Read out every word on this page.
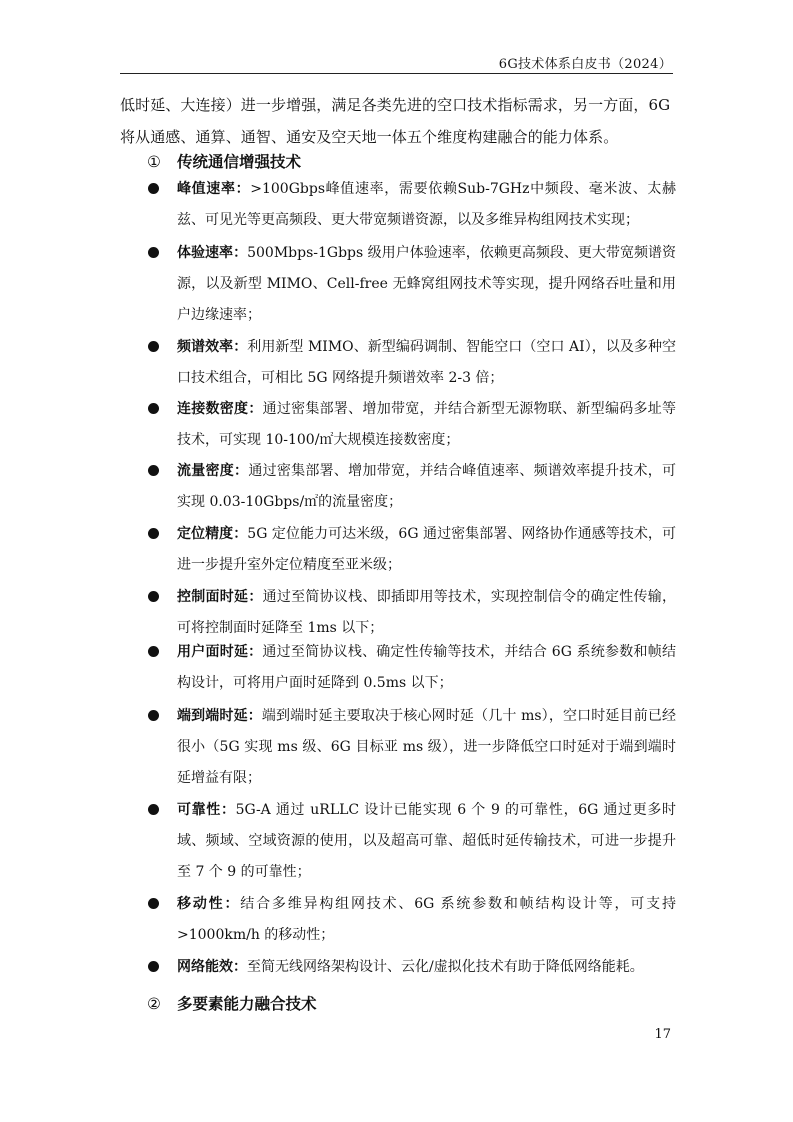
6G技术体系白皮书（2024）
低时延、大连接）进一步增强，满足各类先进的空口技术指标需求，另一方面，6G将从通感、通算、通智、通安及空天地一体五个维度构建融合的能力体系。
① 传统通信增强技术
峰值速率：>100Gbps峰值速率，需要依赖Sub-7GHz中频段、毫米波、太赫兹、可见光等更高频段、更大带宽频谱资源，以及多维异构组网技术实现；
体验速率：500Mbps-1Gbps 级用户体验速率，依赖更高频段、更大带宽频谱资源，以及新型 MIMO、Cell-free 无蜂窝组网技术等实现，提升网络吞吐量和用户边缘速率；
频谱效率：利用新型 MIMO、新型编码调制、智能空口（空口 AI），以及多种空口技术组合，可相比 5G 网络提升频谱效率 2-3 倍；
连接数密度：通过密集部署、增加带宽，并结合新型无源物联、新型编码多址等技术，可实现 10-100/㎡大规模连接数密度；
流量密度：通过密集部署、增加带宽，并结合峰值速率、频谱效率提升技术，可实现 0.03-10Gbps/㎡的流量密度；
定位精度：5G 定位能力可达米级，6G 通过密集部署、网络协作通感等技术，可进一步提升室外定位精度至亚米级；
控制面时延：通过至简协议栈、即插即用等技术，实现控制信令的确定性传输，可将控制面时延降至 1ms 以下；
用户面时延：通过至简协议栈、确定性传输等技术，并结合 6G 系统参数和帧结构设计，可将用户面时延降到 0.5ms 以下；
端到端时延：端到端时延主要取决于核心网时延（几十 ms），空口时延目前已经很小（5G 实现 ms 级、6G 目标亚 ms 级），进一步降低空口时延对于端到端时延增益有限；
可靠性：5G-A 通过 uRLLC 设计已能实现 6 个 9 的可靠性，6G 通过更多时域、频域、空域资源的使用，以及超高可靠、超低时延传输技术，可进一步提升至 7 个 9 的可靠性；
移动性：结合多维异构组网技术、6G 系统参数和帧结构设计等，可支持>1000km/h 的移动性；
网络能效：至简无线网络架构设计、云化/虚拟化技术有助于降低网络能耗。
② 多要素能力融合技术
17
